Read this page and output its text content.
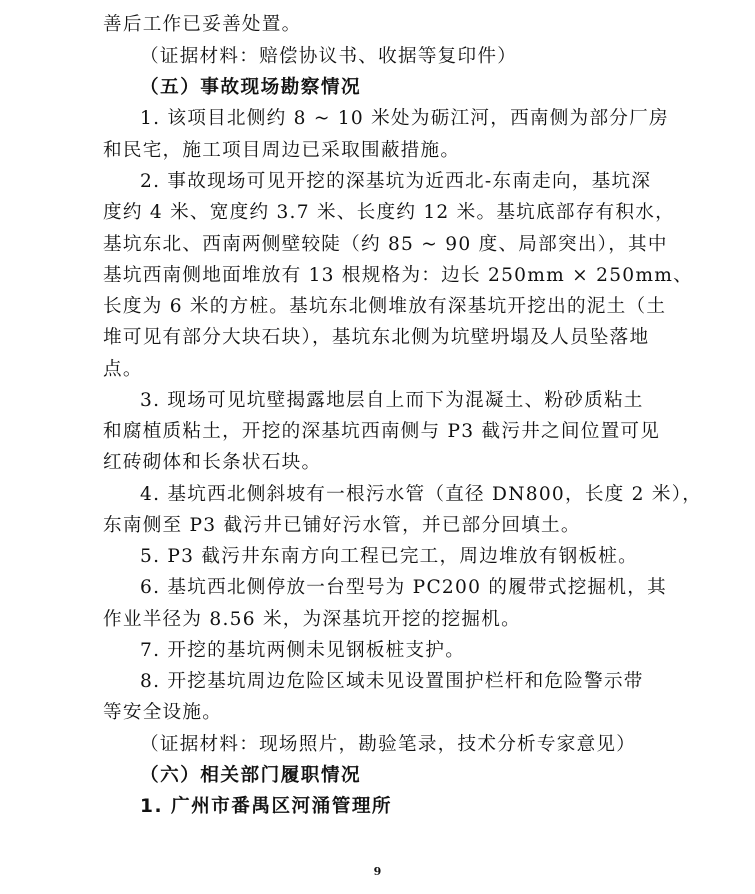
善后工作已妥善处置。
（证据材料：赔偿协议书、收据等复印件）
（五）事故现场勘察情况
1. 该项目北侧约 8 ~ 10 米处为砺江河，西南侧为部分厂房
和民宅，施工项目周边已采取围蔽措施。
2. 事故现场可见开挖的深基坑为近西北-东南走向，基坑深
度约 4 米、宽度约 3.7 米、长度约 12 米。基坑底部存有积水，
基坑东北、西南两侧壁较陡（约 85 ~ 90 度、局部突出），其中
基坑西南侧地面堆放有 13 根规格为：边长 250mm × 250mm、
长度为 6 米的方桩。基坑东北侧堆放有深基坑开挖出的泥土（土
堆可见有部分大块石块），基坑东北侧为坑壁坍塌及人员坠落地
点。
3. 现场可见坑壁揭露地层自上而下为混凝土、粉砂质粘土
和腐植质粘土，开挖的深基坑西南侧与 P3 截污井之间位置可见
红砖砌体和长条状石块。
4. 基坑西北侧斜坡有一根污水管（直径 DN800，长度 2 米），
东南侧至 P3 截污井已铺好污水管，并已部分回填土。
5. P3 截污井东南方向工程已完工，周边堆放有钢板桩。
6. 基坑西北侧停放一台型号为 PC200 的履带式挖掘机，其
作业半径为 8.56 米，为深基坑开挖的挖掘机。
7. 开挖的基坑两侧未见钢板桩支护。
8. 开挖基坑周边危险区域未见设置围护栏杆和危险警示带
等安全设施。
（证据材料：现场照片，勘验笔录，技术分析专家意见）
（六）相关部门履职情况
1. 广州市番禺区河涌管理所
9
